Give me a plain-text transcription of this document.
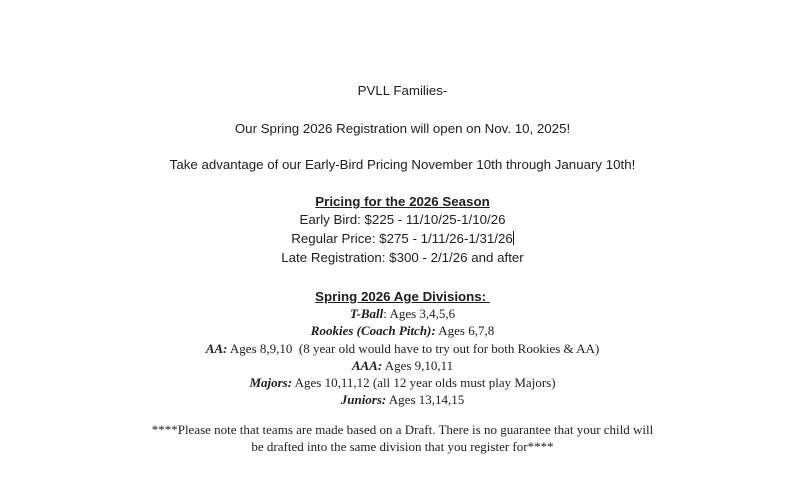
PVLL Families-
Our Spring 2026 Registration will open on Nov. 10, 2025!
Take advantage of our Early-Bird Pricing November 10th through January 10th!
Pricing for the 2026 Season
Early Bird: $225 - 11/10/25-1/10/26
Regular Price: $275 - 1/11/26-1/31/26
Late Registration: $300 - 2/1/26 and after
Spring 2026 Age Divisions:
T-Ball: Ages 3,4,5,6
Rookies (Coach Pitch): Ages 6,7,8
AA: Ages 8,9,10  (8 year old would have to try out for both Rookies & AA)
AAA: Ages 9,10,11
Majors: Ages 10,11,12 (all 12 year olds must play Majors)
Juniors: Ages 13,14,15
****Please note that teams are made based on a Draft. There is no guarantee that your child will
be drafted into the same division that you register for****
